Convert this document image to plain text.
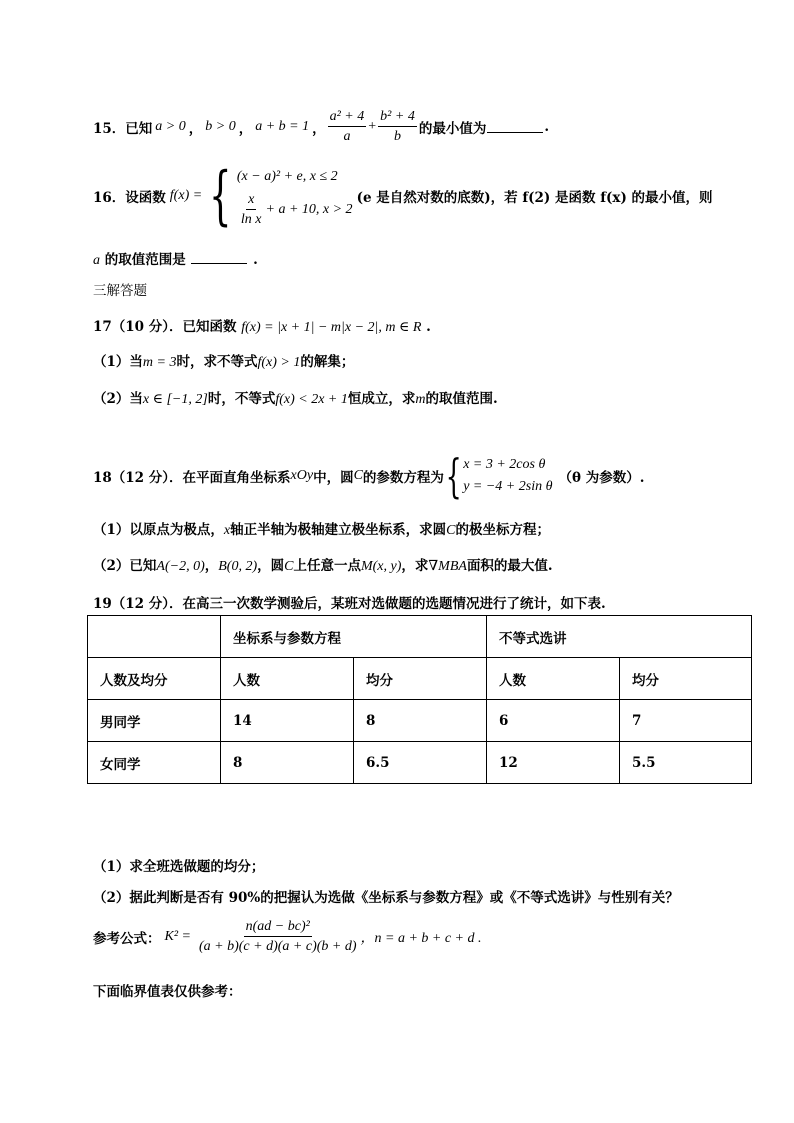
15． 已知 a > 0 ， b > 0 ， a + b = 1 ， $\frac{\text{a² + 4}}{a} + \frac{\text{b² + 4}}{b}$ 的最小值为	.
16． 设函数 f(x) = { (x − a)² + e, x ≤ 2
$\frac{x}{\text{ln x}} + a + 10$, x > 2
(e 是自然对数的底数)，若 f(2) 是函数 f(x) 的最小值，则
a 的取值范围是	.
三解答题
17（10 分）．已知函数 f(x) = |x + 1| − m|x − 2|, m ∈ R .
（1）当m = 3时，求不等式f(x) > 1的解集；
（2）当x ∈ [−1, 2]时，不等式f(x) < 2x + 1恒成立，求m的取值范围.
18（12 分）．在平面直角坐标系 xOy 中，圆 C 的参数方程为 { x = 3 + 2cos θ
y = −4 + 2sin θ
（θ 为参数）.
（1）以原点为极点，x轴正半轴为极轴建立极坐标系，求圆C的极坐标方程；
（2）已知A(−2, 0)，B(0, 2)，圆C上任意一点M(x, y)，求∇MBA面积的最大值.
19（12 分）．在高三一次数学测验后，某班对选做题的选题情况进行了统计，如下表.
	坐标系与参数方程		不等式选讲	
人数及均分	人数	均分	人数	均分
男同学	14	8	6	7
女同学	8	6.5	12	5.5
（1）求全班选做题的均分；
（2）据此判断是否有 90%的把握认为选做《坐标系与参数方程》或《不等式选讲》与性别有关？
参考公式： $K^2 = \frac{\text{n(ad − bc)²}}{(a + b)(c + d)(a + c)(b + d)}$ ，n = a + b + c + d .
下面临界值表仅供参考：
